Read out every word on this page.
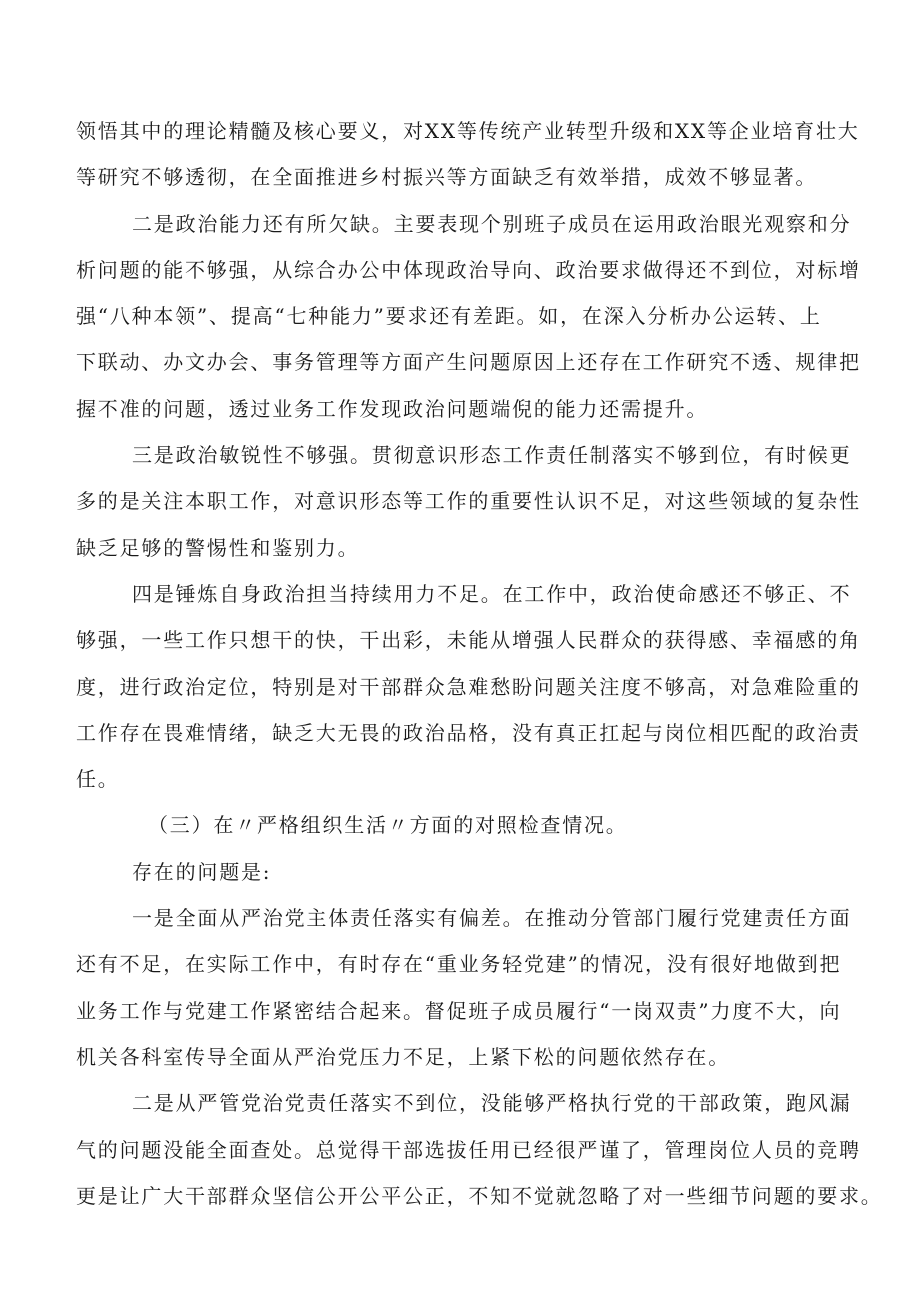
领悟其中的理论精髓及核心要义，对XX等传统产业转型升级和XX等企业培育壮大
等研究不够透彻，在全面推进乡村振兴等方面缺乏有效举措，成效不够显著。
二是政治能力还有所欠缺。主要表现个别班子成员在运用政治眼光观察和分
析问题的能不够强，从综合办公中体现政治导向、政治要求做得还不到位，对标增
强“八种本领”、提高“七种能力”要求还有差距。如，在深入分析办公运转、上
下联动、办文办会、事务管理等方面产生问题原因上还存在工作研究不透、规律把
握不准的问题，透过业务工作发现政治问题端倪的能力还需提升。
三是政治敏锐性不够强。贯彻意识形态工作责任制落实不够到位，有时候更
多的是关注本职工作，对意识形态等工作的重要性认识不足，对这些领域的复杂性
缺乏足够的警惕性和鉴别力。
四是锤炼自身政治担当持续用力不足。在工作中，政治使命感还不够正、不
够强，一些工作只想干的快，干出彩，未能从增强人民群众的获得感、幸福感的角
度，进行政治定位，特别是对干部群众急难愁盼问题关注度不够高，对急难险重的
工作存在畏难情绪，缺乏大无畏的政治品格，没有真正扛起与岗位相匹配的政治责
任。
（三）在〃严格组织生活〃方面的对照检查情况。
存在的问题是:
一是全面从严治党主体责任落实有偏差。在推动分管部门履行党建责任方面
还有不足，在实际工作中，有时存在“重业务轻党建”的情况，没有很好地做到把
业务工作与党建工作紧密结合起来。督促班子成员履行“一岗双责”力度不大，向
机关各科室传导全面从严治党压力不足，上紧下松的问题依然存在。
二是从严管党治党责任落实不到位，没能够严格执行党的干部政策，跑风漏
气的问题没能全面查处。总觉得干部选拔任用已经很严谨了，管理岗位人员的竞聘
更是让广大干部群众坚信公开公平公正，不知不觉就忽略了对一些细节问题的要求。
